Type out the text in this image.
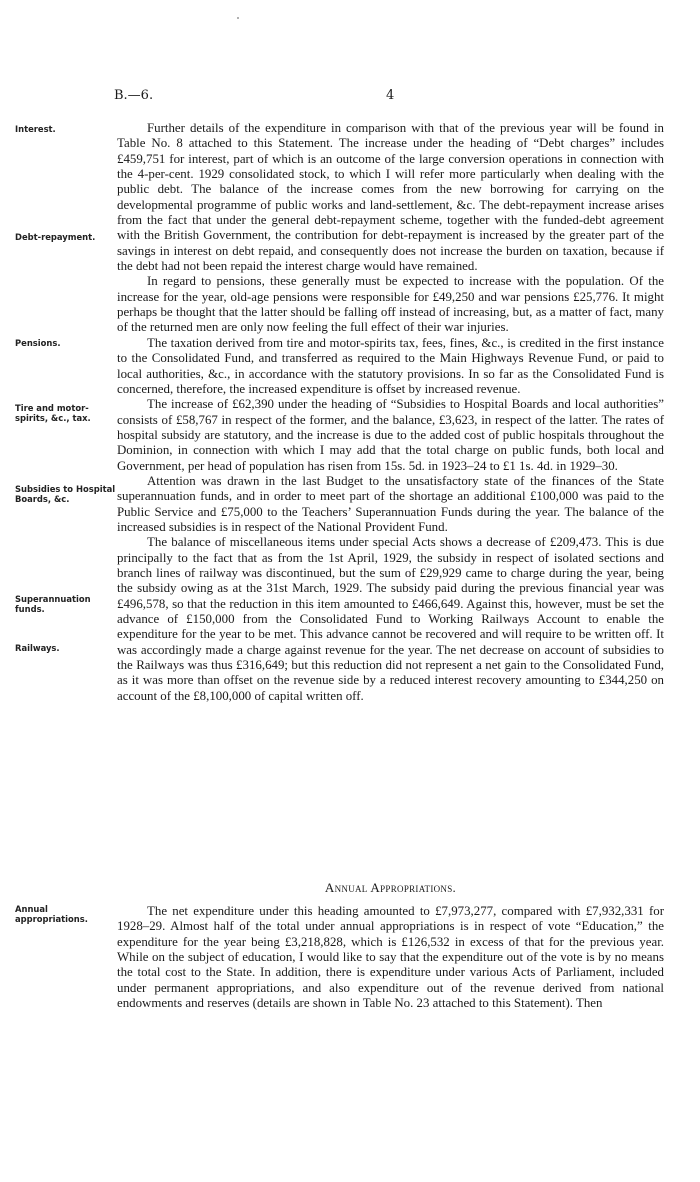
B.—6.	4
Interest.
Debt-repayment.
Pensions.
Tire and motor-spirits, &c., tax.
Subsidies to Hospital Boards, &c.
Superannuation funds.
Railways.
Annual appropriations.

Further details of the expenditure in comparison with that of the previous year will be found in Table No. 8 attached to this Statement. The increase under the heading of “Debt charges” includes £459,751 for interest, part of which is an outcome of the large conversion operations in connection with the 4-per-cent. 1929 consolidated stock, to which I will refer more particularly when dealing with the public debt. The balance of the increase comes from the new borrowing for carrying on the developmental programme of public works and land-settlement, &c. The debt-repayment increase arises from the fact that under the general debt-repayment scheme, together with the funded-debt agreement with the British Government, the contribution for debt-repayment is increased by the greater part of the savings in interest on debt repaid, and consequently does not increase the burden on taxation, because if the debt had not been repaid the interest charge would have remained.

In regard to pensions, these generally must be expected to increase with the population. Of the increase for the year, old-age pensions were responsible for £49,250 and war pensions £25,776. It might perhaps be thought that the latter should be falling off instead of increasing, but, as a matter of fact, many of the returned men are only now feeling the full effect of their war injuries.

The taxation derived from tire and motor-spirits tax, fees, fines, &c., is credited in the first instance to the Consolidated Fund, and transferred as required to the Main Highways Revenue Fund, or paid to local authorities, &c., in accordance with the statutory provisions. In so far as the Consolidated Fund is concerned, therefore, the increased expenditure is offset by increased revenue.

The increase of £62,390 under the heading of “Subsidies to Hospital Boards and local authorities” consists of £58,767 in respect of the former, and the balance, £3,623, in respect of the latter. The rates of hospital subsidy are statutory, and the increase is due to the added cost of public hospitals throughout the Dominion, in connection with which I may add that the total charge on public funds, both local and Government, per head of population has risen from 15s. 5d. in 1923–24 to £1 1s. 4d. in 1929–30.

Attention was drawn in the last Budget to the unsatisfactory state of the finances of the State superannuation funds, and in order to meet part of the shortage an additional £100,000 was paid to the Public Service and £75,000 to the Teachers’ Superannuation Funds during the year. The balance of the increased subsidies is in respect of the National Provident Fund.

The balance of miscellaneous items under special Acts shows a decrease of £209,473. This is due principally to the fact that as from the 1st April, 1929, the subsidy in respect of isolated sections and branch lines of railway was discontinued, but the sum of £29,929 came to charge during the year, being the subsidy owing as at the 31st March, 1929. The subsidy paid during the previous financial year was £496,578, so that the reduction in this item amounted to £466,649. Against this, however, must be set the advance of £150,000 from the Consolidated Fund to Working Railways Account to enable the expenditure for the year to be met. This advance cannot be recovered and will require to be written off. It was accordingly made a charge against revenue for the year. The net decrease on account of subsidies to the Railways was thus £316,649; but this reduction did not represent a net gain to the Consolidated Fund, as it was more than offset on the revenue side by a reduced interest recovery amounting to £344,250 on account of the £8,100,000 of capital written off.

Annual Appropriations.

The net expenditure under this heading amounted to £7,973,277, compared with £7,932,331 for 1928–29. Almost half of the total under annual appropriations is in respect of vote “Education,” the expenditure for the year being £3,218,828, which is £126,532 in excess of that for the previous year. While on the subject of education, I would like to say that the expenditure out of the vote is by no means the total cost to the State. In addition, there is expenditure under various Acts of Parliament, included under permanent appropriations, and also expenditure out of the revenue derived from national endowments and reserves (details are shown in Table No. 23 attached to this Statement). Then
